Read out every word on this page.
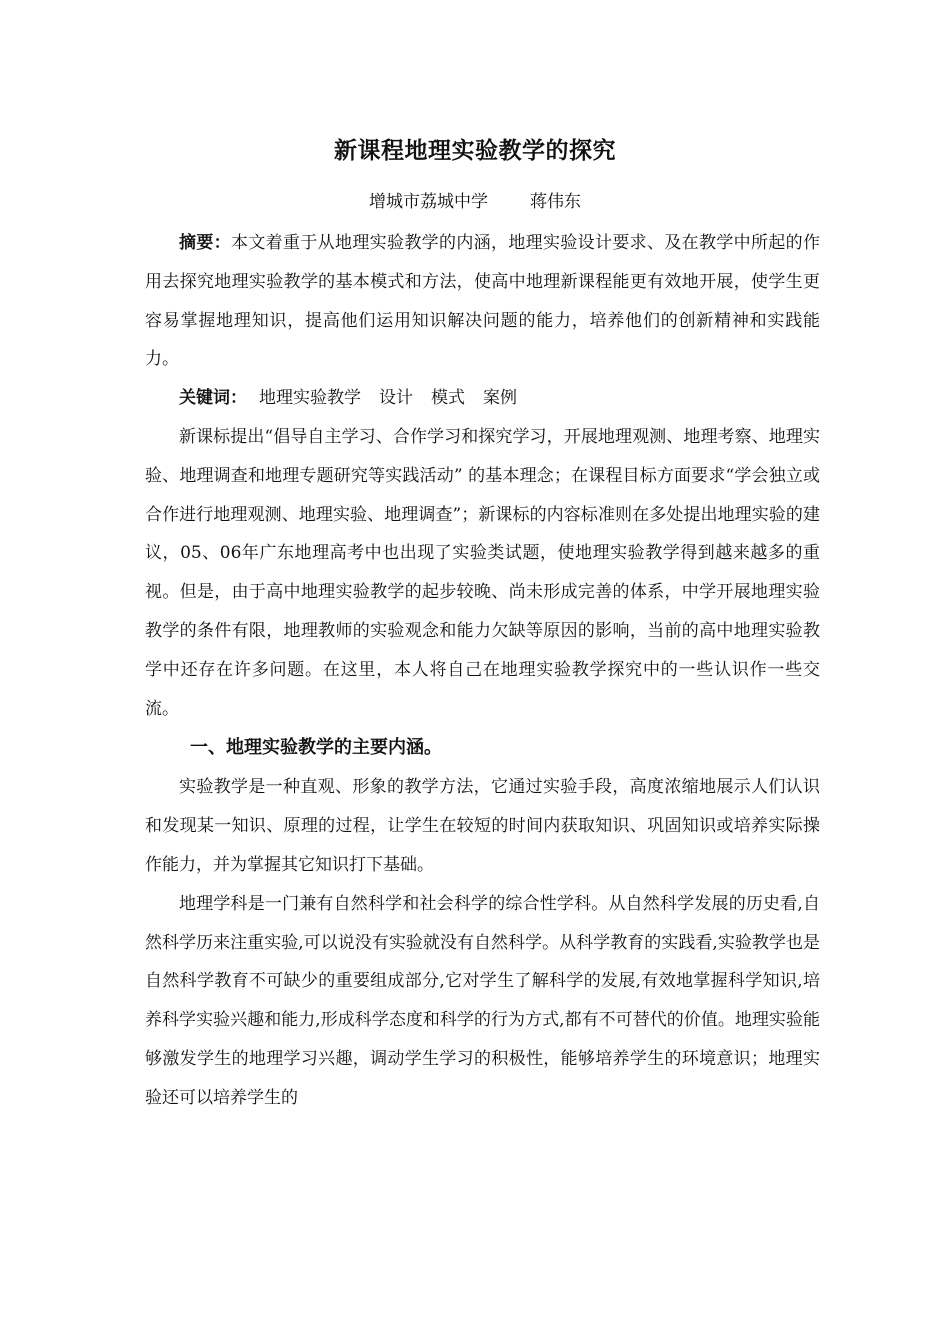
新课程地理实验教学的探究
增城市荔城中学 蒋伟东

摘要：本文着重于从地理实验教学的内涵，地理实验设计要求、及在教学中所起的作用去探究地理实验教学的基本模式和方法，使高中地理新课程能更有效地开展，使学生更容易掌握地理知识，提高他们运用知识解决问题的能力，培养他们的创新精神和实践能力。

关键词： 地理实验教学 设计 模式 案例

新课标提出“倡导自主学习、合作学习和探究学习，开展地理观测、地理考察、地理实验、地理调查和地理专题研究等实践活动” 的基本理念；在课程目标方面要求“学会独立或合作进行地理观测、地理实验、地理调查”；新课标的内容标准则在多处提出地理实验的建议，05、06年广东地理高考中也出现了实验类试题，使地理实验教学得到越来越多的重视。但是，由于高中地理实验教学的起步较晚、尚未形成完善的体系，中学开展地理实验教学的条件有限，地理教师的实验观念和能力欠缺等原因的影响，当前的高中地理实验教学中还存在许多问题。在这里，本人将自己在地理实验教学探究中的一些认识作一些交流。

一、地理实验教学的主要内涵。

实验教学是一种直观、形象的教学方法，它通过实验手段，高度浓缩地展示人们认识和发现某一知识、原理的过程，让学生在较短的时间内获取知识、巩固知识或培养实际操作能力，并为掌握其它知识打下基础。

地理学科是一门兼有自然科学和社会科学的综合性学科。从自然科学发展的历史看,自然科学历来注重实验,可以说没有实验就没有自然科学。从科学教育的实践看,实验教学也是自然科学教育不可缺少的重要组成部分,它对学生了解科学的发展,有效地掌握科学知识,培养科学实验兴趣和能力,形成科学态度和科学的行为方式,都有不可替代的价值。地理实验能够激发学生的地理学习兴趣，调动学生学习的积极性，能够培养学生的环境意识；地理实验还可以培养学生的
